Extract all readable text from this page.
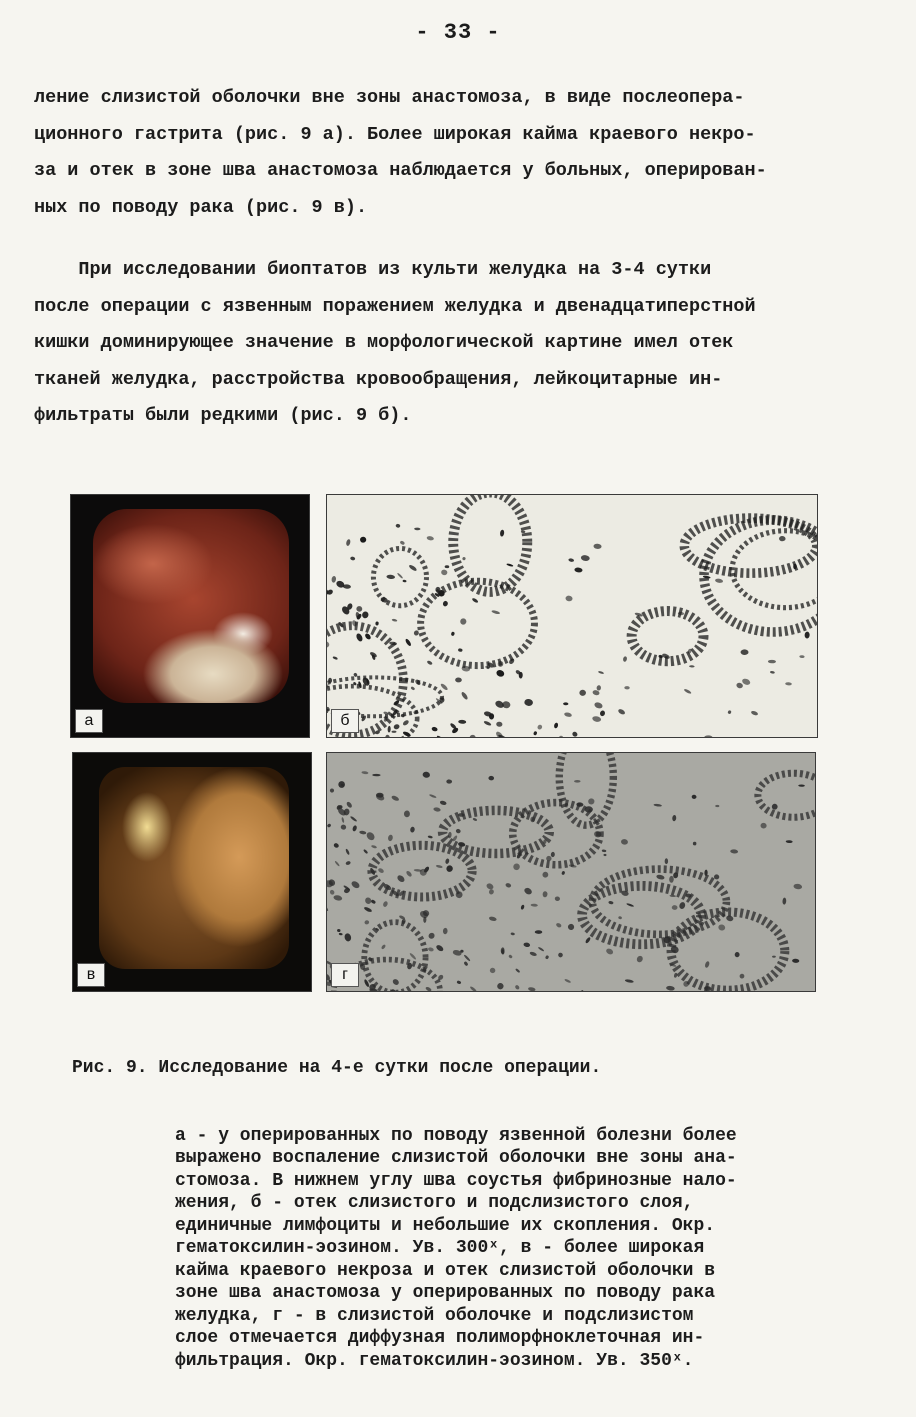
- 33 -

ление слизистой оболочки вне зоны анастомоза, в виде послеопера-
ционного гастрита (рис. 9 а). Более широкая кайма краевого некро-
за и отек в зоне шва анастомоза наблюдается у больных, оперирован-
ных по поводу рака (рис. 9 в).

При исследовании биоптатов из культи желудка на 3-4 сутки
после операции с язвенным поражением желудка и двенадцатиперстной
кишки доминирующее значение в морфологической картине имел отек
тканей желудка, расстройства кровообращения, лейкоцитарные ин-
фильтраты были редкими (рис. 9 б).

а	б
в	г

Рис. 9. Исследование на 4-е сутки после операции.

а - у оперированных по поводу язвенной болезни более
выражено воспаление слизистой оболочки вне зоны ана-
стомоза. В нижнем углу шва соустья фибринозные нало-
жения, б - отек слизистого и подслизистого слоя,
единичные лимфоциты и небольшие их скопления. Окр.
гематоксилин-эозином. Ув. 300ˣ, в - более широкая
кайма краевого некроза и отек слизистой оболочки в
зоне шва анастомоза у оперированных по поводу рака
желудка, г - в слизистой оболочке и подслизистом
слое отмечается диффузная полиморфноклеточная ин-
фильтрация. Окр. гематоксилин-эозином. Ув. 350ˣ.
